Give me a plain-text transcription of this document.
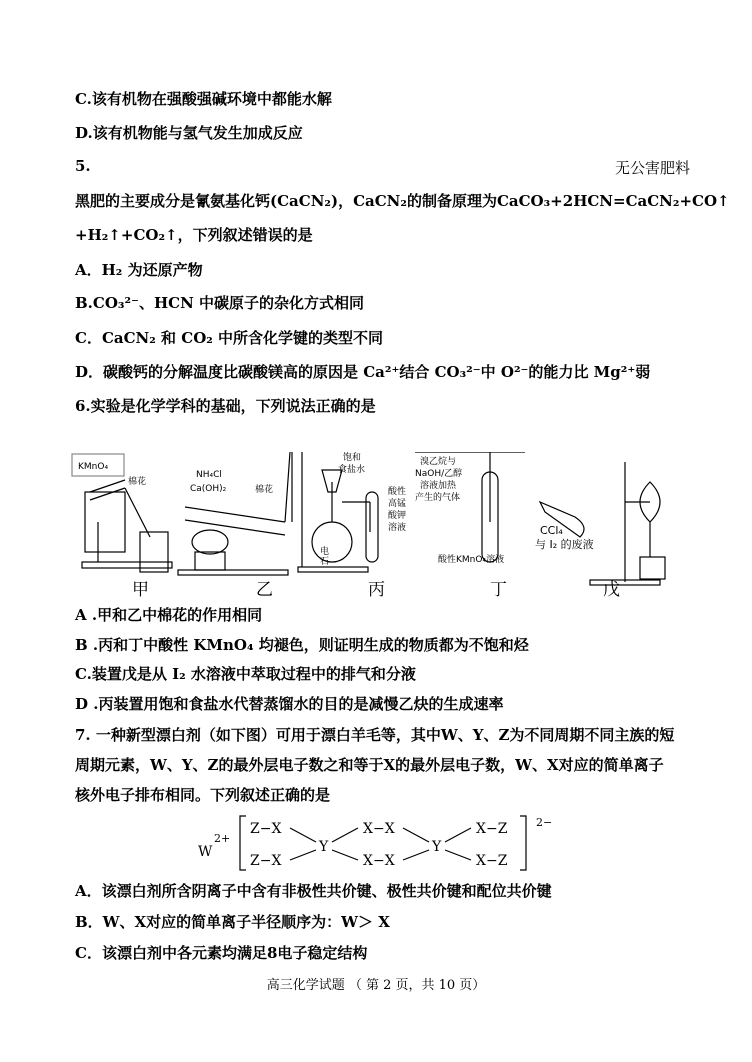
C.该有机物在强酸强碱环境中都能水解
D.该有机物能与氢气发生加成反应
5.	无公害肥料
黑肥的主要成分是氰氨基化钙(CaCN₂)，CaCN₂的制备原理为CaCO₃+2HCN=CaCN₂+CO↑
+H₂↑+CO₂↑，下列叙述错误的是
A．H₂ 为还原产物
B.CO₃²⁻、HCN 中碳原子的杂化方式相同
C．CaCN₂ 和 CO₂ 中所含化学键的类型不同
D．碳酸钙的分解温度比碳酸镁高的原因是 Ca²⁺结合 CO₃²⁻中 O²⁻的能力比 Mg²⁺弱
6.实验是化学学科的基础，下列说法正确的是
KMnO₄
棉花
NH₄Cl
Ca(OH)₂	棉花
饱和
食盐水
电
石
酸性
高锰
酸钾
溶液
溴乙烷与
NaOH/乙醇
溶液加热
产生的气体
酸性KMnO₄溶液
CCl₄
与 I₂ 的废液
甲	乙	丙	丁	戊
A .甲和乙中棉花的作用相同
B .丙和丁中酸性 KMnO₄ 均褪色，则证明生成的物质都为不饱和烃
C.装置戊是从 I₂ 水溶液中萃取过程中的排气和分液
D .丙装置用饱和食盐水代替蒸馏水的目的是减慢乙炔的生成速率
7. 一种新型漂白剂（如下图）可用于漂白羊毛等，其中W、Y、Z为不同周期不同主族的短
周期元素，W、Y、Z的最外层电子数之和等于X的最外层电子数，W、X对应的简单离子
核外电子排布相同。下列叙述正确的是
W
2+
Z−X
Z−X
Y
X−X
X−X
Y
X−Z
X−Z
2−
A．该漂白剂所含阴离子中含有非极性共价键、极性共价键和配位共价键
B．W、X对应的简单离子半径顺序为：W＞ X
C．该漂白剂中各元素均满足8电子稳定结构
高三化学试题 （ 第 2 页，共 10 页）
